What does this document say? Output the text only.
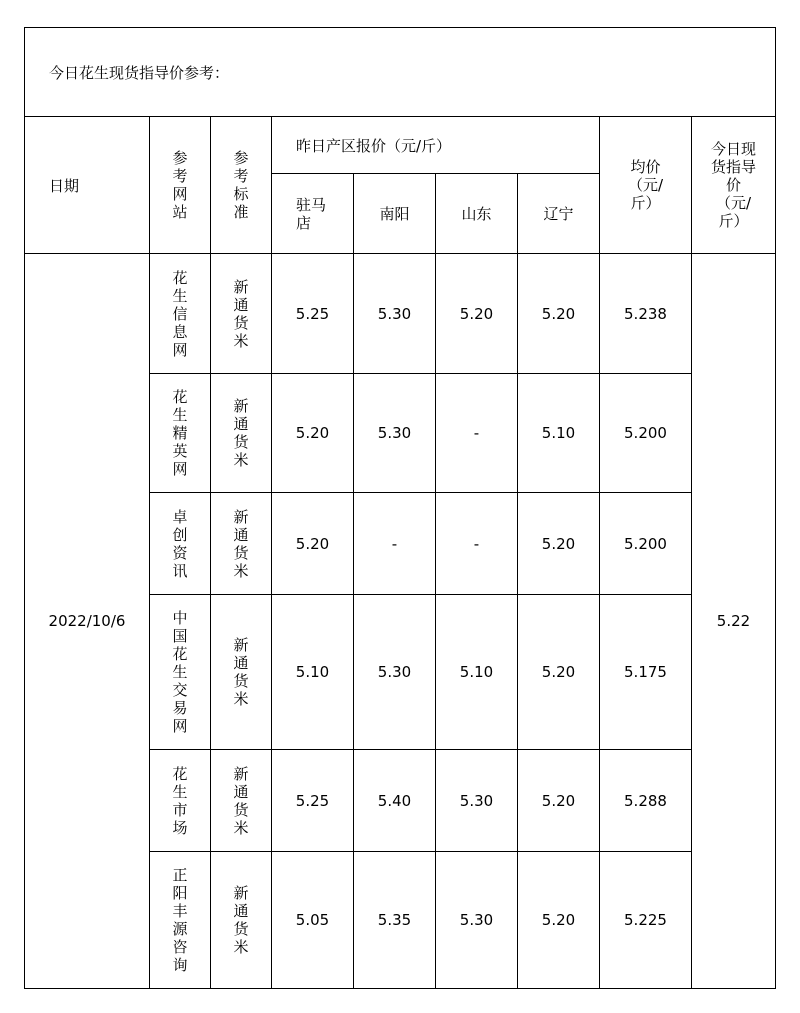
今日花生现货指导价参考：								
日期	参考网站	参考标准	昨日产区报价（元/斤）				均价（元/斤）	今日现货指导价（元/斤）
			驻马店	南阳	山东	辽宁		
2022/10/6	花生信息网	新通货米	5.25	5.30	5.20	5.20	5.238	5.22
	花生精英网	新通货米	5.20	5.30	-	5.10	5.200	
	卓创资讯	新通货米	5.20	-	-	5.20	5.200	
	中国花生交易网	新通货米	5.10	5.30	5.10	5.20	5.175	
	花生市场	新通货米	5.25	5.40	5.30	5.20	5.288	
	正阳丰源咨询	新通货米	5.05	5.35	5.30	5.20	5.225	
